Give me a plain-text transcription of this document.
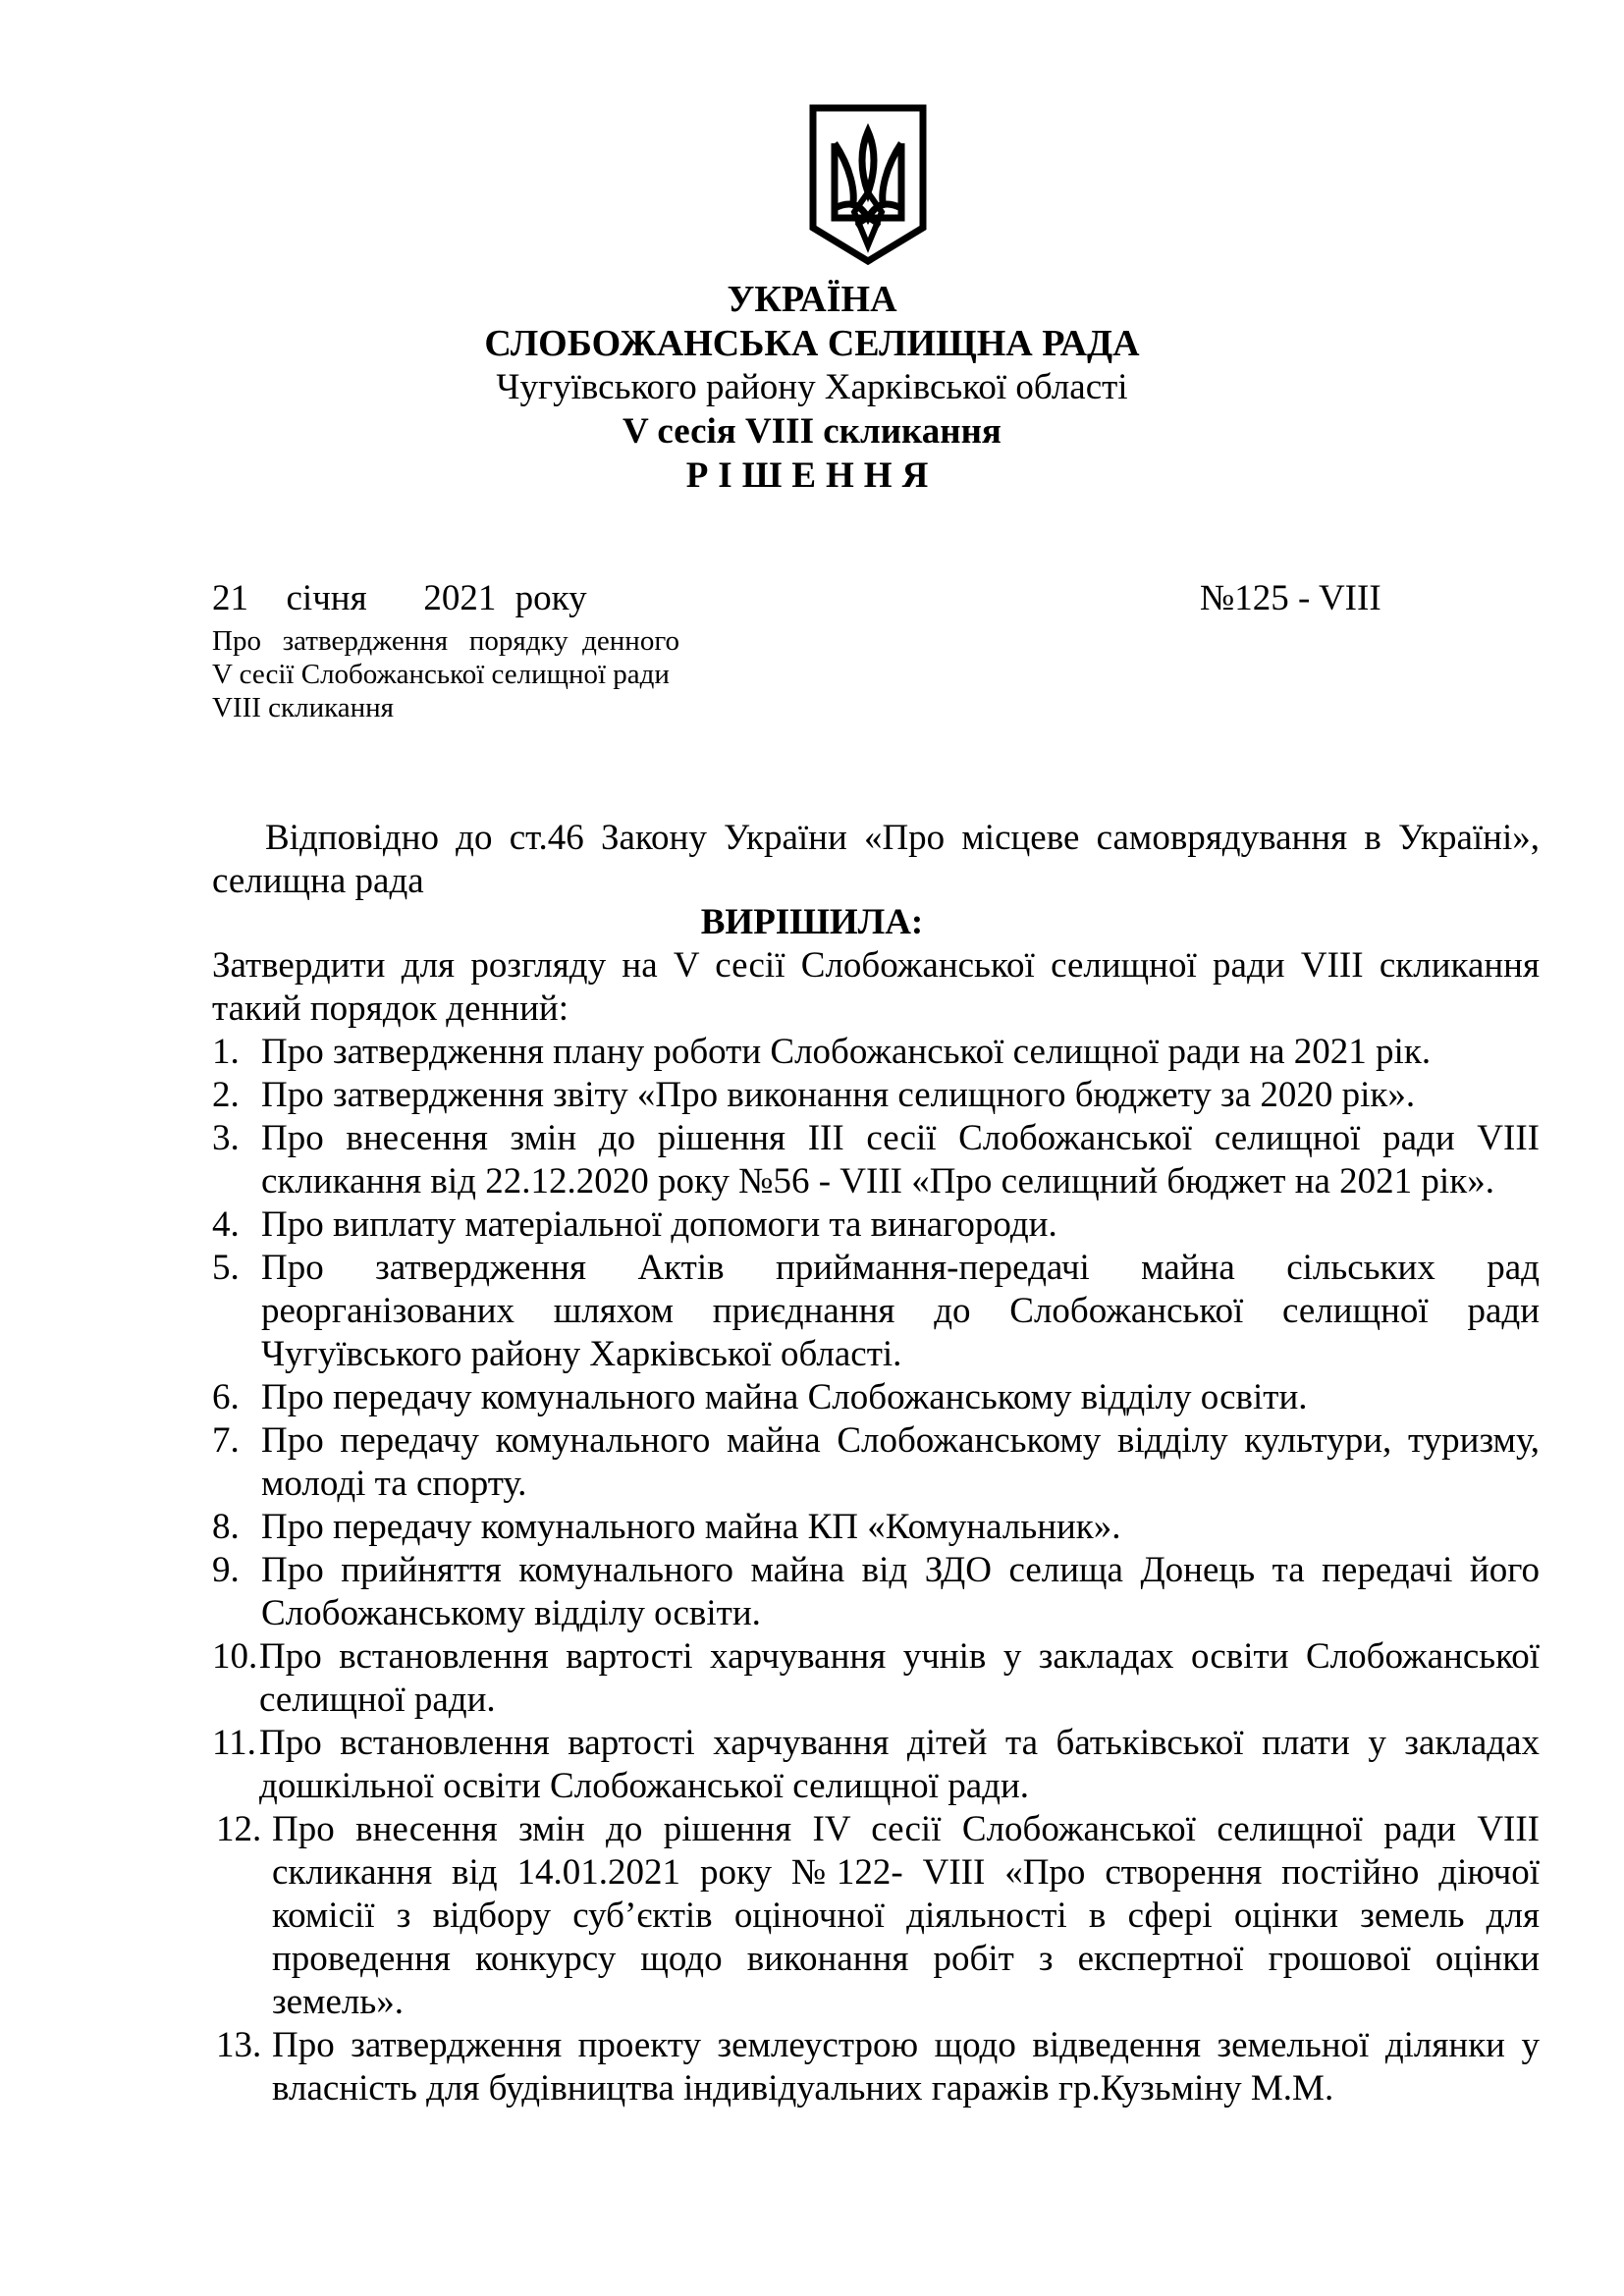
УКРАЇНА
СЛОБОЖАНСЬКА СЕЛИЩНА РАДА
Чугуївського району Харківської області
V сесія VIII скликання
РІШЕННЯ
21  січня   2021 року	№125 - VIII
Про   затвердження   порядку  денного
V сесії Слобожанської селищної ради
VIII скликання
Відповідно до ст.46 Закону України «Про місцеве самоврядування в Україні»,
селищна рада
ВИРІШИЛА:
Затвердити для розгляду на V сесії Слобожанської селищної ради VIII скликання
такий порядок денний:
1. Про затвердження плану роботи Слобожанської селищної ради на 2021 рік.
2. Про затвердження звіту «Про виконання селищного бюджету за 2020 рік».
3. Про внесення змін до рішення ІІІ сесії Слобожанської селищної ради VIII скликання від 22.12.2020 року №56 - VIII «Про селищний бюджет на 2021 рік».
4. Про виплату матеріальної допомоги та винагороди.
5. Про затвердження Актів приймання-передачі майна сільських рад реорганізованих шляхом приєднання до Слобожанської селищної ради Чугуївського району Харківської області.
6. Про передачу комунального майна Слобожанському відділу освіти.
7. Про передачу комунального майна Слобожанському відділу культури, туризму, молоді та спорту.
8. Про передачу комунального майна КП «Комунальник».
9. Про прийняття комунального майна від ЗДО селища Донець та передачі його Слобожанському відділу освіти.
10. Про встановлення вартості харчування учнів у закладах освіти Слобожанської селищної ради.
11. Про встановлення вартості харчування дітей та батьківської плати у закладах дошкільної освіти Слобожанської селищної ради.
12. Про внесення змін до рішення IV сесії Слобожанської селищної ради VIII скликання від 14.01.2021 року №122- VIII «Про створення постійно діючої комісії з відбору суб’єктів оціночної діяльності в сфері оцінки земель для проведення конкурсу щодо виконання робіт з експертної грошової оцінки земель».
13. Про затвердження проекту землеустрою щодо відведення земельної ділянки у власність для будівництва індивідуальних гаражів гр.Кузьміну М.М.
